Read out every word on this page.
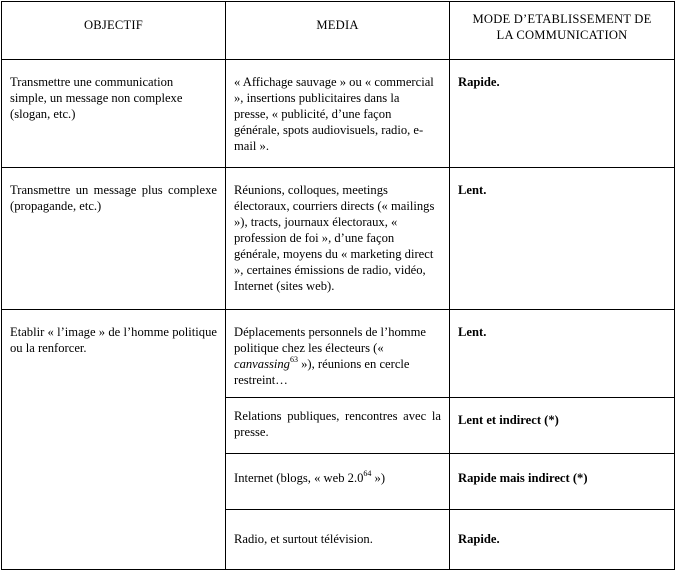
OBJECTIF	MEDIA	MODE D’ETABLISSEMENT DE
LA COMMUNICATION

Transmettre une communication simple, un message non complexe (slogan, etc.)	« Affichage sauvage » ou « commercial », insertions publicitaires dans la presse, « publicité, d’une façon générale, spots audiovisuels, radio, e-mail ».	Rapide.

Transmettre un message plus complexe (propagande, etc.)	Réunions, colloques, meetings électoraux, courriers directs (« mailings »), tracts, journaux électoraux, « profession de foi », d’une façon générale, moyens du « marketing direct », certaines émissions de radio, vidéo, Internet (sites web).	Lent.

Etablir « l’image » de l’homme politique ou la renforcer.	Déplacements personnels de l’homme politique chez les électeurs (« canvassing$^{63}$ »), réunions en cercle restreint…	Lent.

	Relations publiques, rencontres avec la presse.	Lent et indirect (*)

	Internet (blogs, « web $2.0^{64}$ »)	Rapide mais indirect (*)

	Radio, et surtout télévision.	Rapide.
